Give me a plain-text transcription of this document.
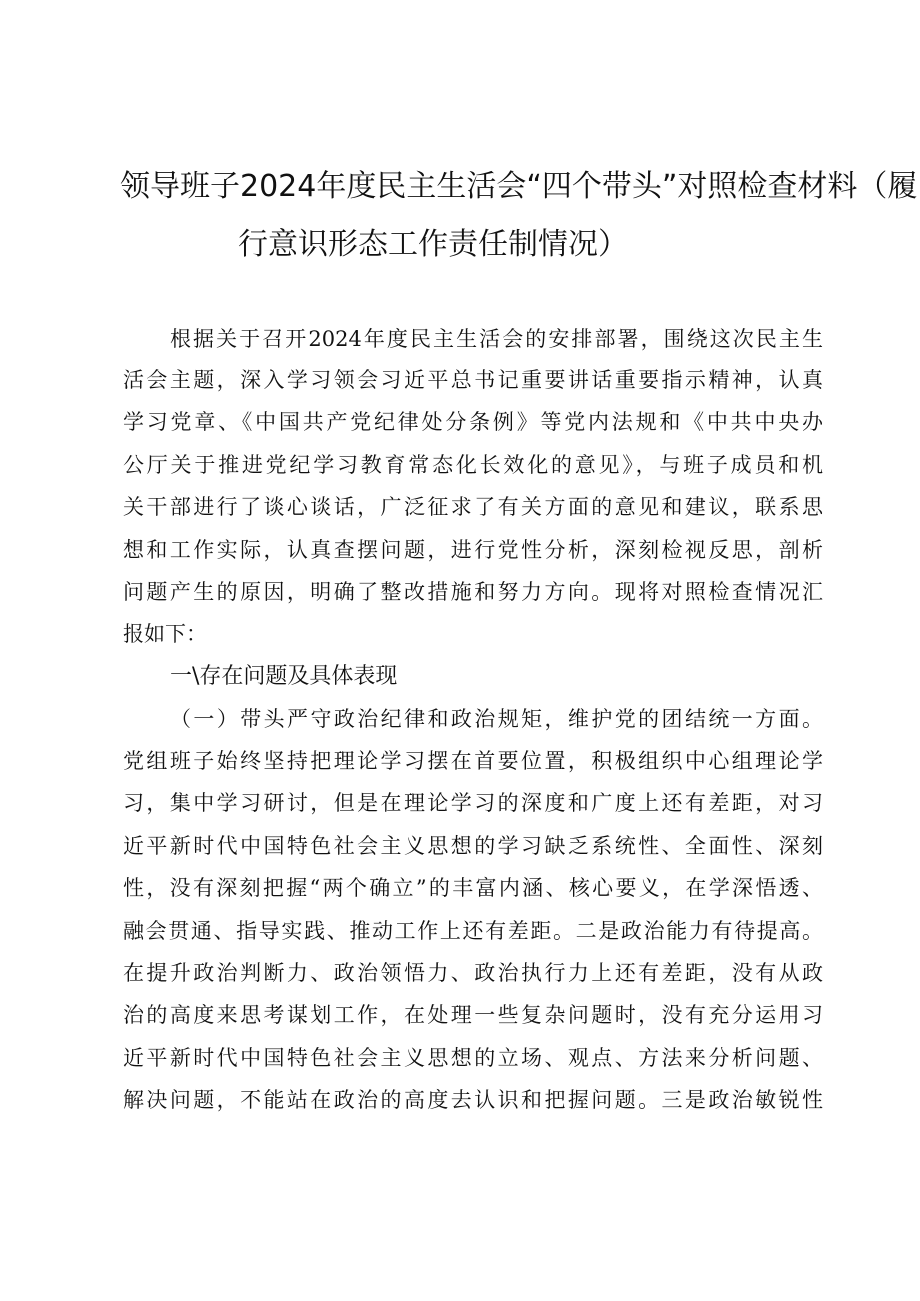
领导班子2024年度民主生活会“四个带头”对照检查材料（履
行意识形态工作责任制情况）
根据关于召开2024年度民主生活会的安排部署，围绕这次民主生
活会主题，深入学习领会习近平总书记重要讲话重要指示精神，认真
学习党章、《中国共产党纪律处分条例》等党内法规和《中共中央办
公厅关于推进党纪学习教育常态化长效化的意见》，与班子成员和机
关干部进行了谈心谈话，广泛征求了有关方面的意见和建议，联系思
想和工作实际，认真查摆问题，进行党性分析，深刻检视反思，剖析
问题产生的原因，明确了整改措施和努力方向。现将对照检查情况汇
报如下：
一\存在问题及具体表现
（一）带头严守政治纪律和政治规矩，维护党的团结统一方面。
党组班子始终坚持把理论学习摆在首要位置，积极组织中心组理论学
习，集中学习研讨，但是在理论学习的深度和广度上还有差距，对习
近平新时代中国特色社会主义思想的学习缺乏系统性、全面性、深刻
性，没有深刻把握“两个确立”的丰富内涵、核心要义，在学深悟透、
融会贯通、指导实践、推动工作上还有差距。二是政治能力有待提高。
在提升政治判断力、政治领悟力、政治执行力上还有差距，没有从政
治的高度来思考谋划工作，在处理一些复杂问题时，没有充分运用习
近平新时代中国特色社会主义思想的立场、观点、方法来分析问题、
解决问题，不能站在政治的高度去认识和把握问题。三是政治敏锐性
